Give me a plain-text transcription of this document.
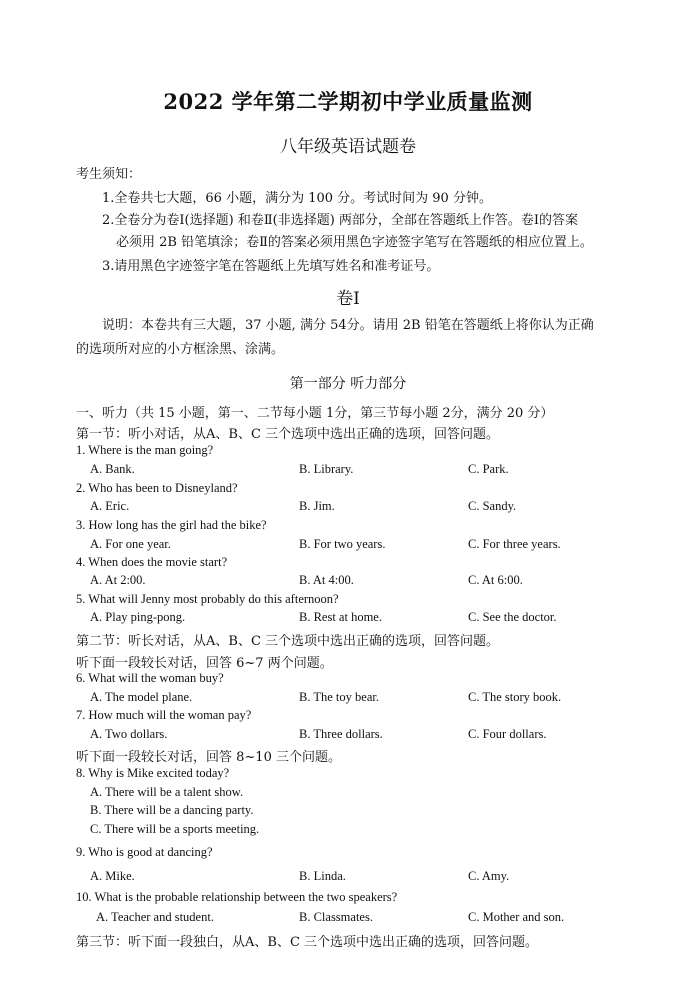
2022 学年第二学期初中学业质量监测
八年级英语试题卷
考生须知：
1.全卷共七大题，66 小题，满分为 100 分。考试时间为 90 分钟。
2.全卷分为卷Ⅰ(选择题) 和卷Ⅱ(非选择题) 两部分，全部在答题纸上作答。卷Ⅰ的答案
必须用 2B 铅笔填涂；卷Ⅱ的答案必须用黑色字迹签字笔写在答题纸的相应位置上。
3.请用黑色字迹签字笔在答题纸上先填写姓名和准考证号。
卷Ⅰ
说明：本卷共有三大题，37 小题, 满分 54分。请用 2B 铅笔在答题纸上将你认为正确
的选项所对应的小方框涂黑、涂满。
第一部分 听力部分
一、听力（共 15 小题，第一、二节每小题 1分，第三节每小题 2分，满分 20 分）
第一节：听小对话，从A、B、C 三个选项中选出正确的选项，回答问题。
1. Where is the man going?
A. Bank.	B. Library.	C. Park.
2. Who has been to Disneyland?
A. Eric.	B. Jim.	C. Sandy.
3. How long has the girl had the bike?
A. For one year.	B. For two years.	C. For three years.
4. When does the movie start?
A. At 2:00.	B. At 4:00.	C. At 6:00.
5. What will Jenny most probably do this afternoon?
A. Play ping-pong.	B. Rest at home.	C. See the doctor.
第二节：听长对话，从A、B、C 三个选项中选出正确的选项，回答问题。
听下面一段较长对话，回答 6~7 两个问题。
6. What will the woman buy?
A. The model plane.	B. The toy bear.	C. The story book.
7. How much will the woman pay?
A. Two dollars.	B. Three dollars.	C. Four dollars.
听下面一段较长对话，回答 8~10 三个问题。
8. Why is Mike excited today?
A. There will be a talent show.
B. There will be a dancing party.
C. There will be a sports meeting.
9. Who is good at dancing?
A. Mike.	B. Linda.	C. Amy.
10. What is the probable relationship between the two speakers?
A. Teacher and student.	B. Classmates.	C. Mother and son.
第三节：听下面一段独白，从A、B、C 三个选项中选出正确的选项，回答问题。
